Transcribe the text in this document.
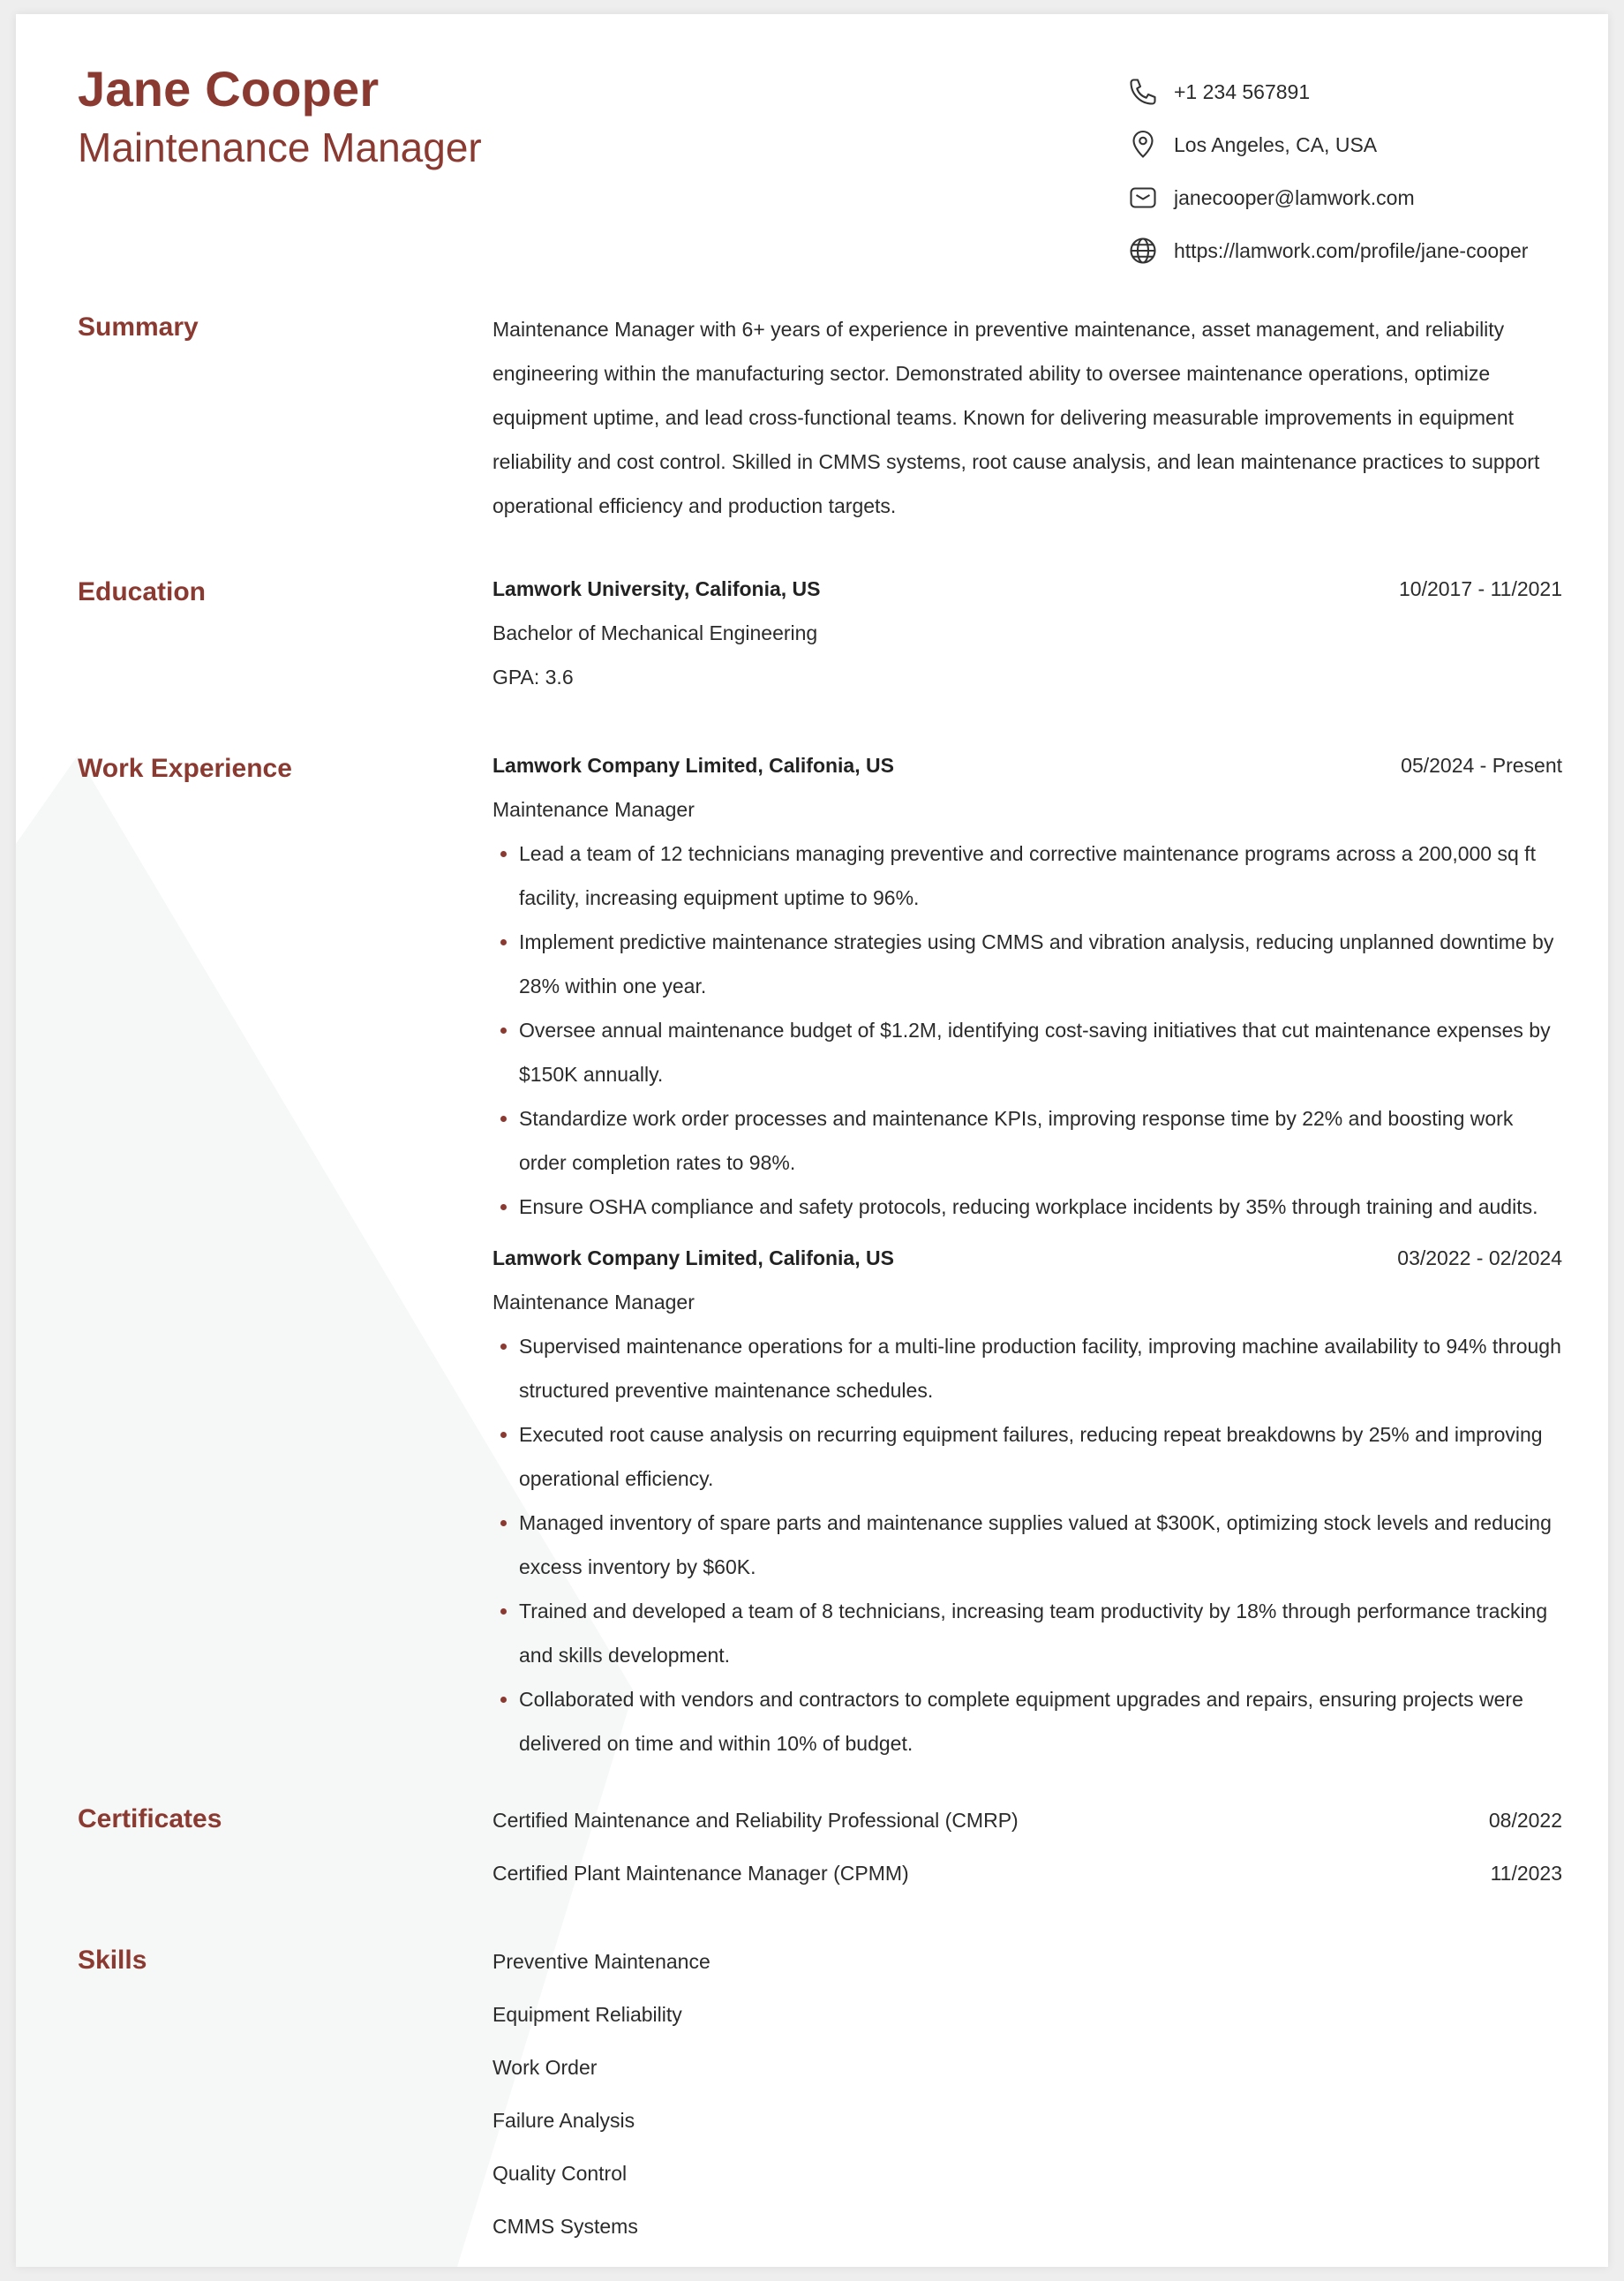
Jane Cooper
Maintenance Manager
+1 234 567891
Los Angeles, CA, USA
janecooper@lamwork.com
https://lamwork.com/profile/jane-cooper
Summary	Maintenance Manager with 6+ years of experience in preventive maintenance, asset management, and reliability engineering within the manufacturing sector. Demonstrated ability to oversee maintenance operations, optimize equipment uptime, and lead cross-functional teams. Known for delivering measurable improvements in equipment reliability and cost control. Skilled in CMMS systems, root cause analysis, and lean maintenance practices to support operational efficiency and production targets.

Education	Lamwork University, Califonia, US	10/2017 - 11/2021
Bachelor of Mechanical Engineering
GPA: 3.6
Work Experience	Lamwork Company Limited, Califonia, US	05/2024 - Present
Maintenance Manager
Lead a team of 12 technicians managing preventive and corrective maintenance programs across a 200,000 sq ft facility, increasing equipment uptime to 96%.
Implement predictive maintenance strategies using CMMS and vibration analysis, reducing unplanned downtime by 28% within one year.
Oversee annual maintenance budget of $1.2M, identifying cost-saving initiatives that cut maintenance expenses by $150K annually.
Standardize work order processes and maintenance KPIs, improving response time by 22% and boosting work order completion rates to 98%.
Ensure OSHA compliance and safety protocols, reducing workplace incidents by 35% through training and audits.
Lamwork Company Limited, Califonia, US	03/2022 - 02/2024
Maintenance Manager
Supervised maintenance operations for a multi-line production facility, improving machine availability to 94% through structured preventive maintenance schedules.
Executed root cause analysis on recurring equipment failures, reducing repeat breakdowns by 25% and improving operational efficiency.
Managed inventory of spare parts and maintenance supplies valued at $300K, optimizing stock levels and reducing excess inventory by $60K.
Trained and developed a team of 8 technicians, increasing team productivity by 18% through performance tracking and skills development.
Collaborated with vendors and contractors to complete equipment upgrades and repairs, ensuring projects were delivered on time and within 10% of budget.
Certificates	Certified Maintenance and Reliability Professional (CMRP)	08/2022
Certified Plant Maintenance Manager (CPMM)	11/2023
Skills	Preventive Maintenance
Equipment Reliability
Work Order
Failure Analysis
Quality Control
CMMS Systems
